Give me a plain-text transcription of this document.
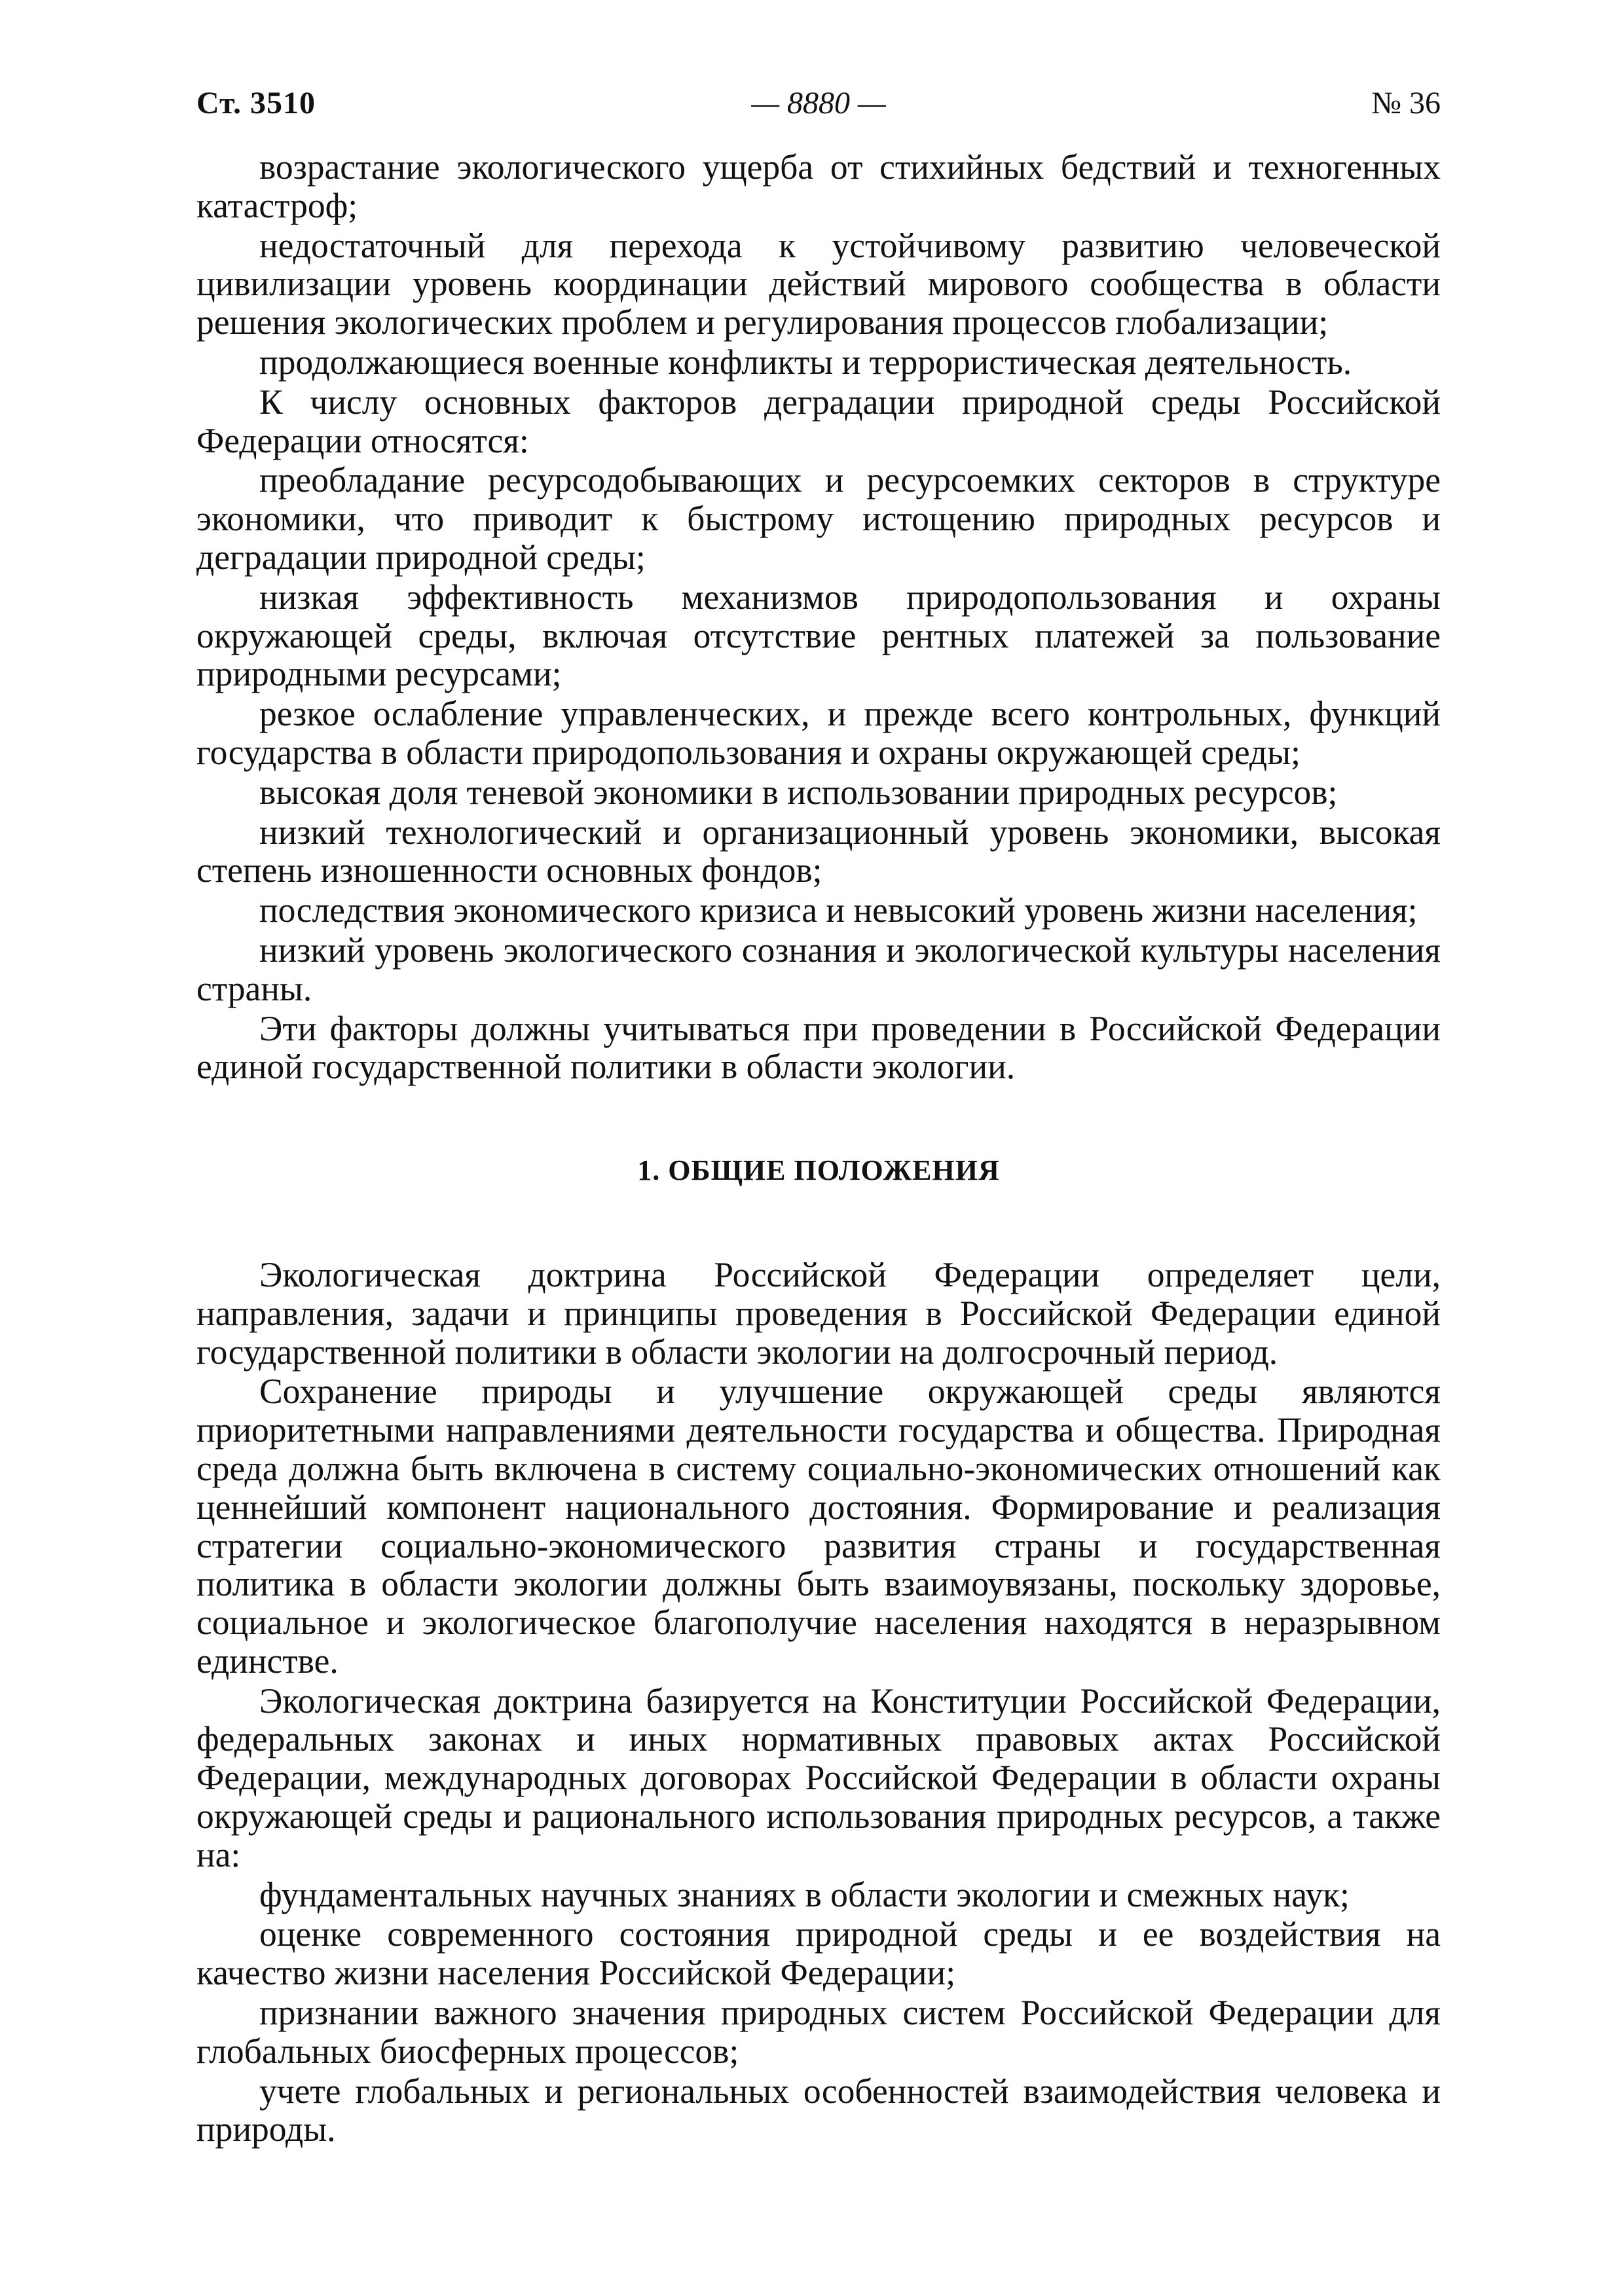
Ст. 3510	— 8880 —	№ 36

возрастание экологического ущерба от стихийных бедствий и техногенных катастроф;

недостаточный для перехода к устойчивому развитию человеческой цивилизации уровень координации действий мирового сообщества в области решения экологических проблем и регулирования процессов глобализации;

продолжающиеся военные конфликты и террористическая деятельность.

К числу основных факторов деградации природной среды Российской Федерации относятся:

преобладание ресурсодобывающих и ресурсоемких секторов в структуре экономики, что приводит к быстрому истощению природных ресурсов и деградации природной среды;

низкая эффективность механизмов природопользования и охраны окружающей среды, включая отсутствие рентных платежей за пользование природными ресурсами;

резкое ослабление управленческих, и прежде всего контрольных, функций государства в области природопользования и охраны окружающей среды;

высокая доля теневой экономики в использовании природных ресурсов;

низкий технологический и организационный уровень экономики, высокая степень изношенности основных фондов;

последствия экономического кризиса и невысокий уровень жизни населения;

низкий уровень экологического сознания и экологической культуры населения страны.

Эти факторы должны учитываться при проведении в Российской Федерации единой государственной политики в области экологии.

1. ОБЩИЕ ПОЛОЖЕНИЯ

Экологическая доктрина Российской Федерации определяет цели, направления, задачи и принципы проведения в Российской Федерации единой государственной политики в области экологии на долгосрочный период.

Сохранение природы и улучшение окружающей среды являются приоритетными направлениями деятельности государства и общества. Природная среда должна быть включена в систему социально-экономических отношений как ценнейший компонент национального достояния. Формирование и реализация стратегии социально-экономического развития страны и государственная политика в области экологии должны быть взаимоувязаны, поскольку здоровье, социальное и экологическое благополучие населения находятся в неразрывном единстве.

Экологическая доктрина базируется на Конституции Российской Федерации, федеральных законах и иных нормативных правовых актах Российской Федерации, международных договорах Российской Федерации в области охраны окружающей среды и рационального использования природных ресурсов, а также на:

фундаментальных научных знаниях в области экологии и смежных наук;

оценке современного состояния природной среды и ее воздействия на качество жизни населения Российской Федерации;

признании важного значения природных систем Российской Федерации для глобальных биосферных процессов;

учете глобальных и региональных особенностей взаимодействия человека и природы.
